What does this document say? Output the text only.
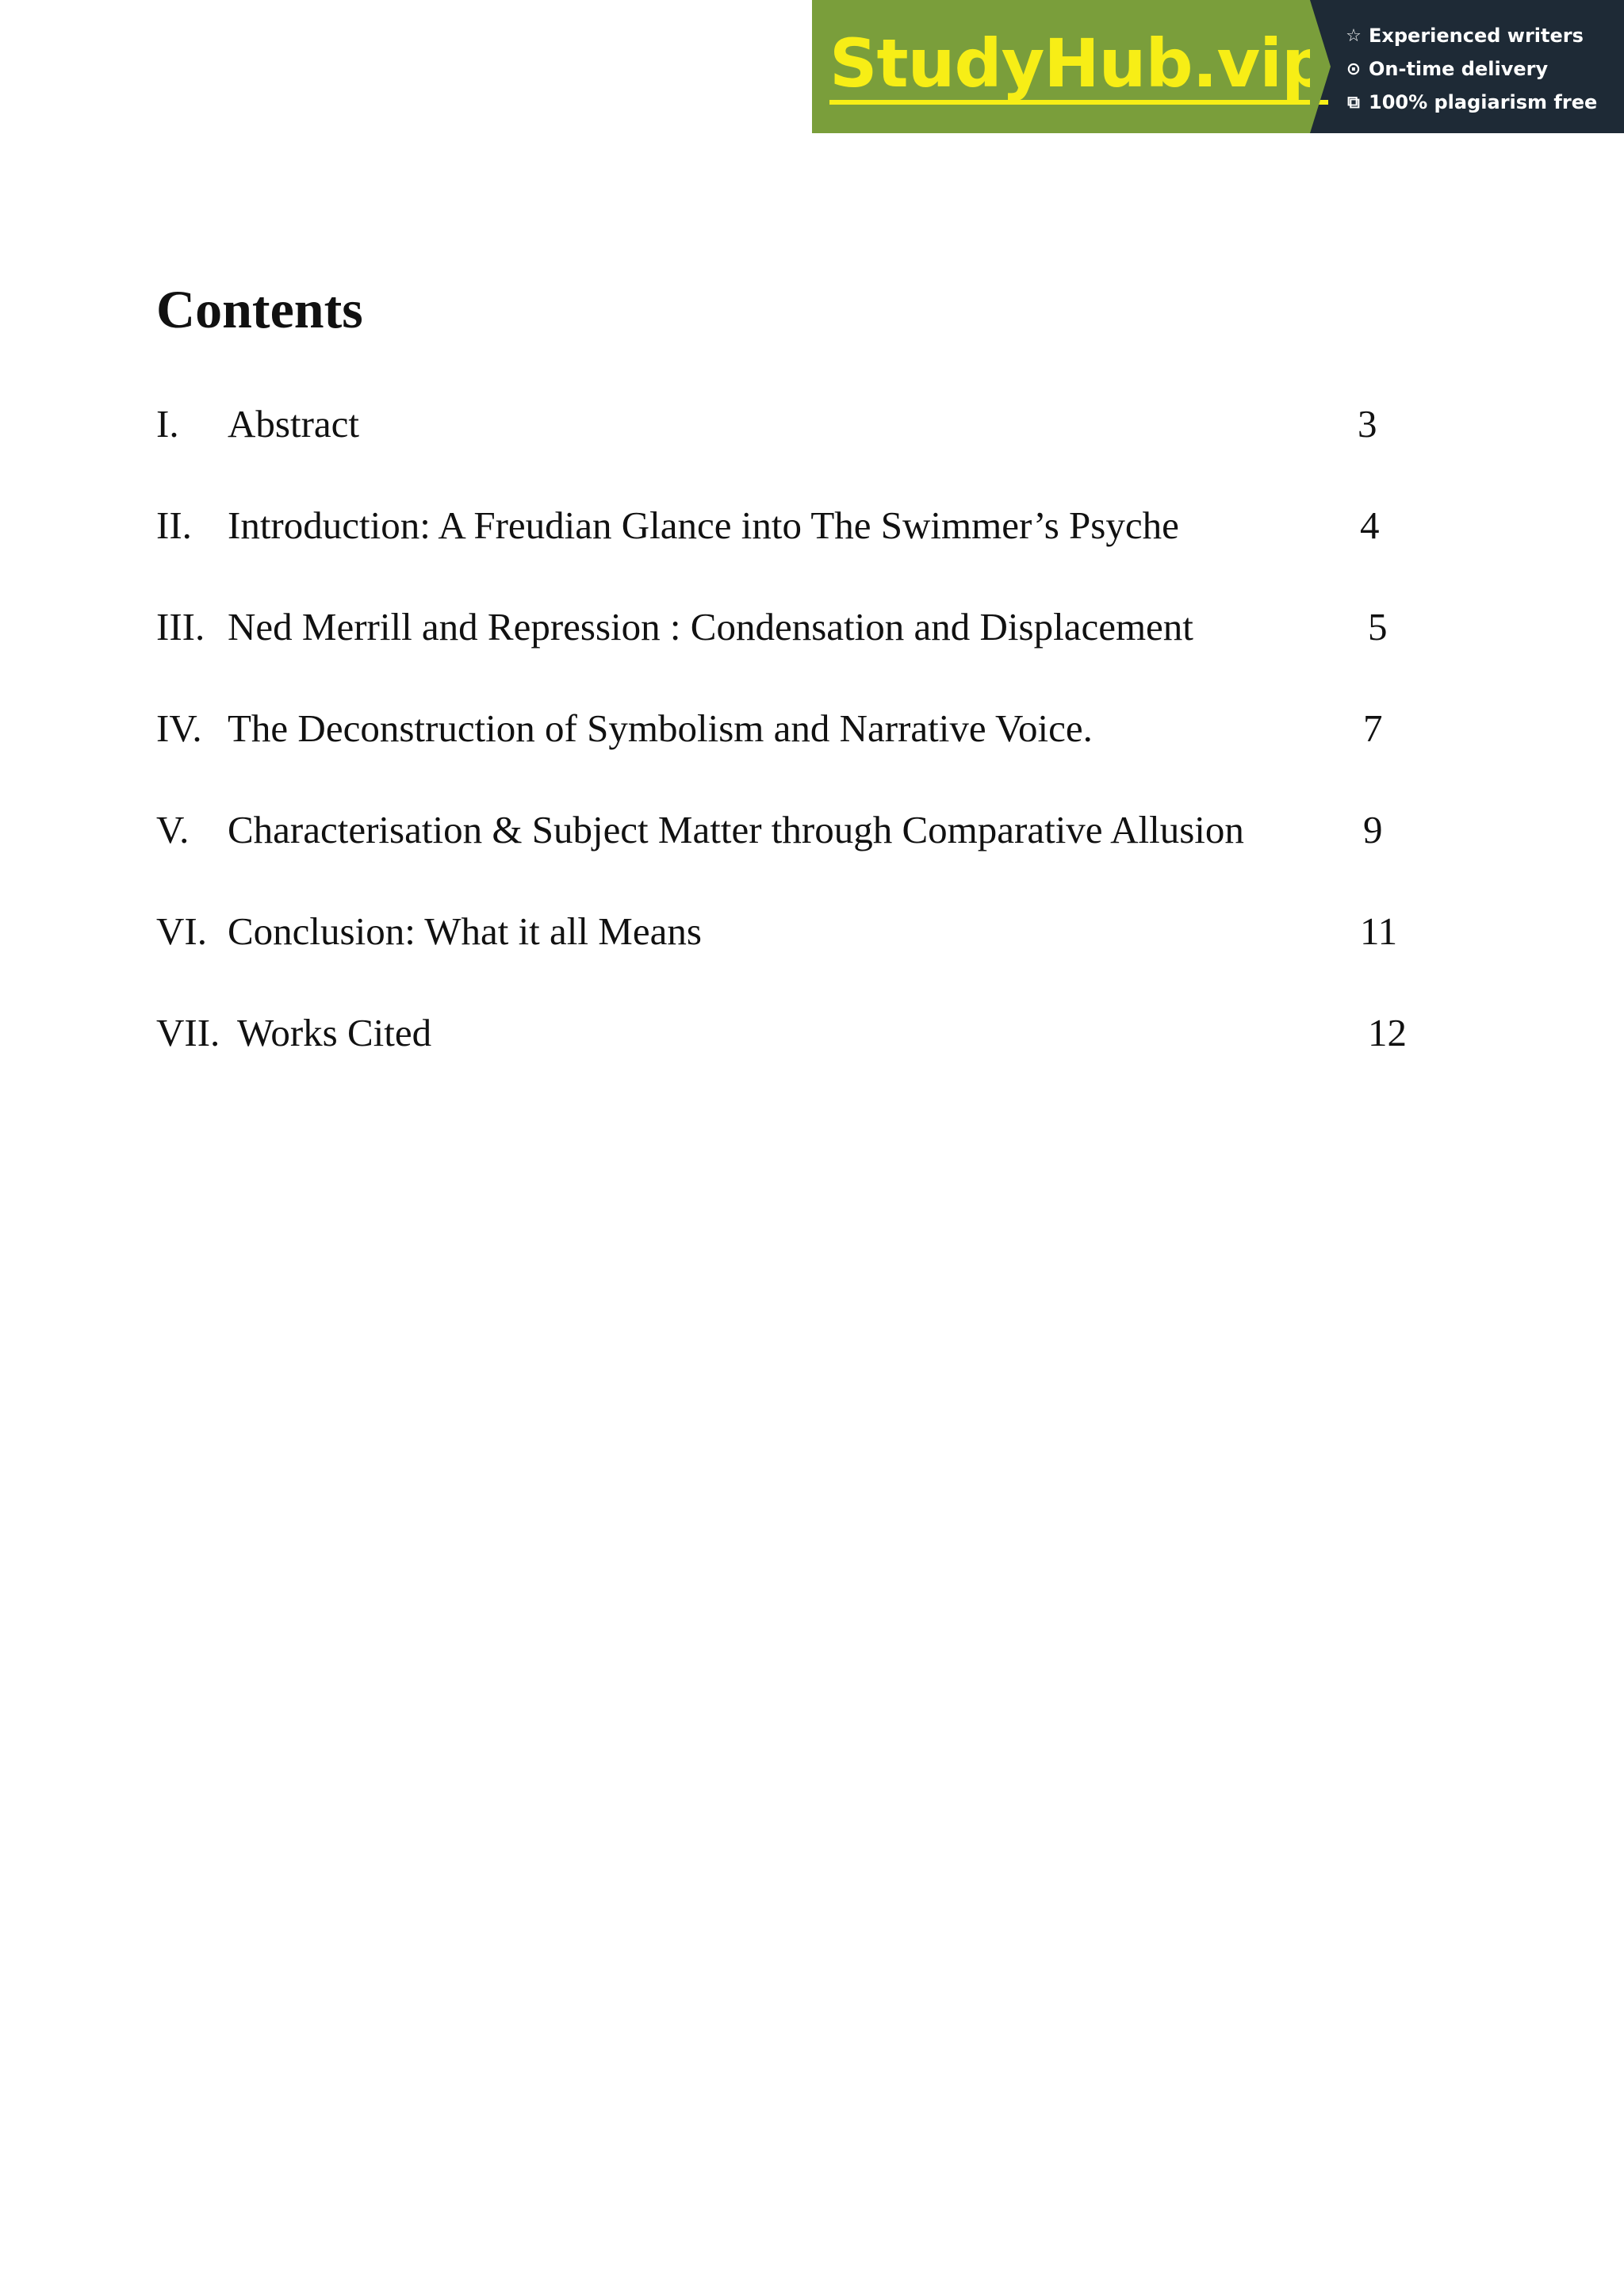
StudyHub.vip ☆ Experienced writers
⊙ On-time delivery
⧉ 100% plagiarism free
Contents
I. Abstract	3
II. Introduction: A Freudian Glance into The Swimmer’s Psyche	4
III. Ned Merrill and Repression : Condensation and Displacement	5
IV. The Deconstruction of Symbolism and Narrative Voice.	7
V. Characterisation & Subject Matter through Comparative Allusion	9
VI. Conclusion: What it all Means	11
VII. Works Cited	12
